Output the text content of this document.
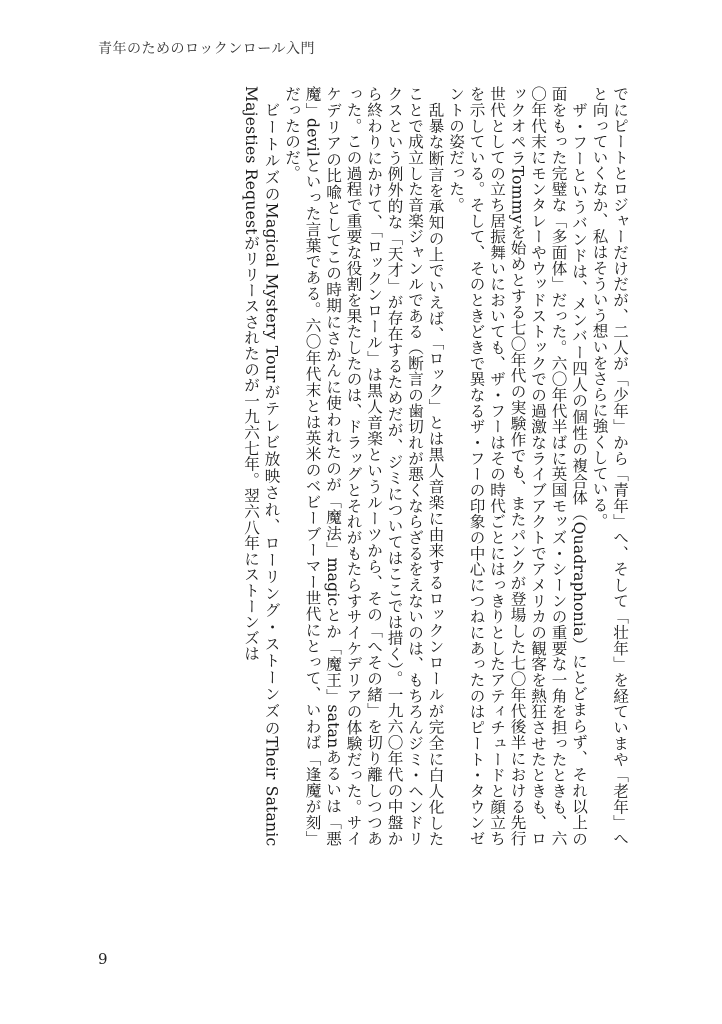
青年のためのロックンロール入門

でにピートとロジャーだけだが、二人が「少年」から「青年」へ、そして「壮年」を経ていまや「老年」へと向っていくなか、私はそういう想いをさらに強くしている。

ザ・フーというバンドは、メンバー四人の個性の複合体（Quadraphonia）にとどまらず、それ以上の面をもった完璧な「多面体」だった。六〇年代半ばに英国モッズ・シーンの重要な一角を担ったときも、六〇年代末にモンタレーやウッドストックでの過激なライブアクトでアメリカの観客を熱狂させたときも、ロックオペラTommyを始めとする七〇年代の実験作でも、またパンクが登場した七〇年代後半における先行世代としての立ち居振舞いにおいても、ザ・フーはその時代ごとにはっきりとしたアティチュードと顔立ちを示している。そして、そのときどきで異なるザ・フーの印象の中心につねにあったのはピート・タウンゼントの姿だった。

乱暴な断言を承知の上でいえば、「ロック」とは黒人音楽に由来するロックンロールが完全に白人化したことで成立した音楽ジャンルである（断言の歯切れが悪くならざるをえないのは、もちろんジミ・ヘンドリクスという例外的な「天才」が存在するためだが、ジミについてはここでは措く）。一九六〇年代の中盤から終わりにかけて、「ロックンロール」は黒人音楽というルーツから、その「へその緒」を切り離しつつあった。この過程で重要な役割を果たしたのは、ドラッグとそれがもたらすサイケデリアの体験だった。サイケデリアの比喩としてこの時期にさかんに使われたのが「魔法」magicとか「魔王」satanあるいは「悪魔」devilといった言葉である。六〇年代末とは英米のベビーブーマー世代にとって、いわば「逢魔が刻」だったのだ。

ビートルズのMagical Mystery Tourがテレビ放映され、ローリング・ストーンズのTheir Satanic Majesties Requestがリリースされたのが一九六七年。翌六八年にストーンズは

9
